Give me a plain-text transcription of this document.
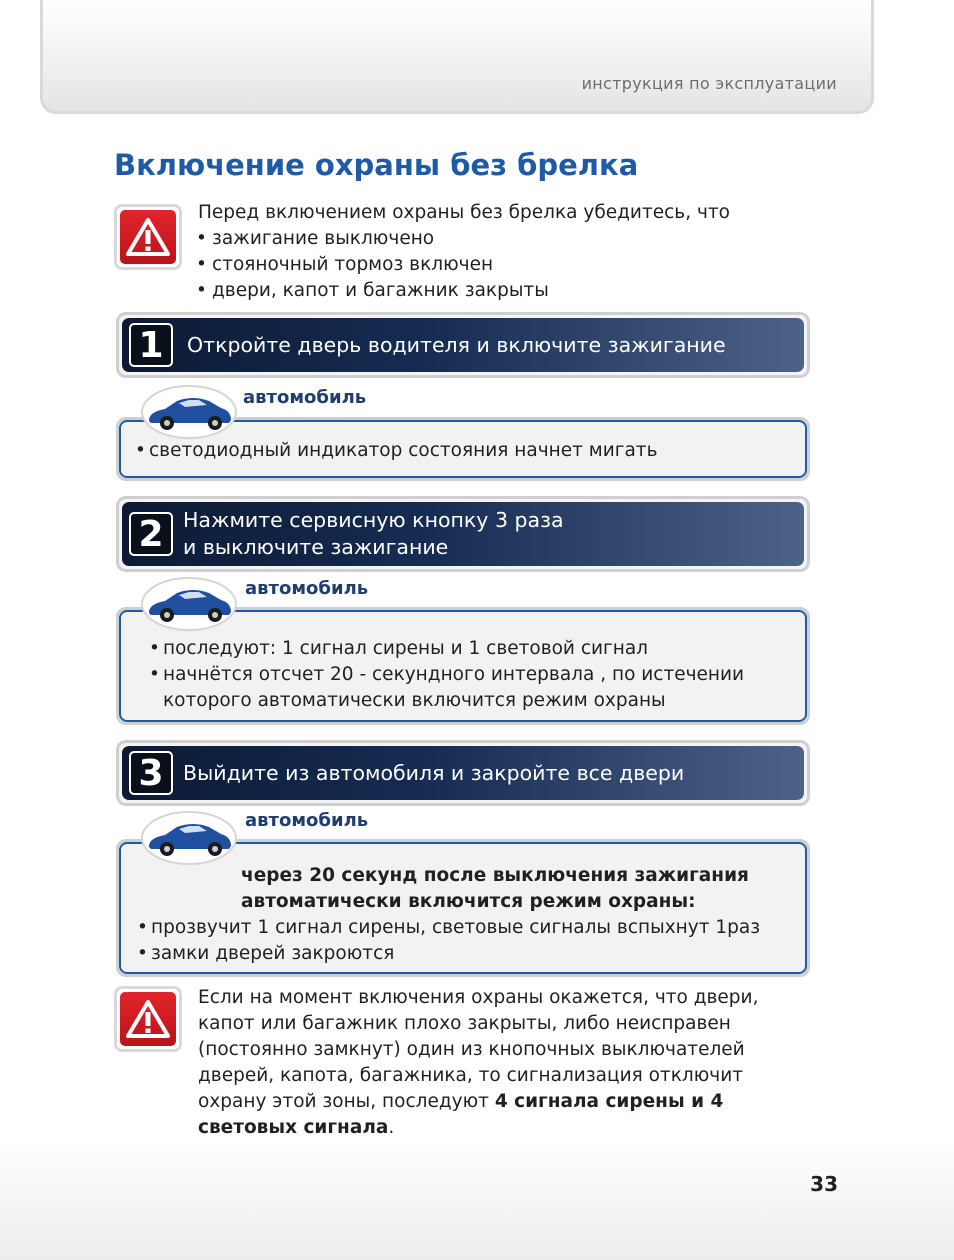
инструкция по эксплуатации
Включение охраны без брелка
Перед включением охраны без брелка убедитесь, что
• зажигание выключено
• стояночный тормоз включен
• двери, капот и багажник закрыты
1	Откройте дверь водителя и включите зажигание
• светодиодный индикатор состояния начнет мигать
автомобиль
2 Нажмите сервисную кнопку 3 раза
и выключите зажигание
• последуют: 1 сигнал сирены и 1 световой сигнал
• начнётся отсчет 20 - секундного интервала , по истечении
которого автоматически включится режим охраны
автомобиль
3 Выйдите из автомобиля и закройте все двери
через 20 секунд после выключения зажигания
автоматически включится режим охраны:
• прозвучит 1 сигнал сирены, световые сигналы вспыхнут 1раз
• замки дверей закроются
автомобиль
Если на момент включения охраны окажется, что двери, капот или багажник плохо закрыты, либо неисправен (постоянно замкнут) один из кнопочных выключателей дверей, капота, багажника, то сигнализация отключит охрану этой зоны, последуют 4 сигнала сирены и 4 световых сигнала.
33
